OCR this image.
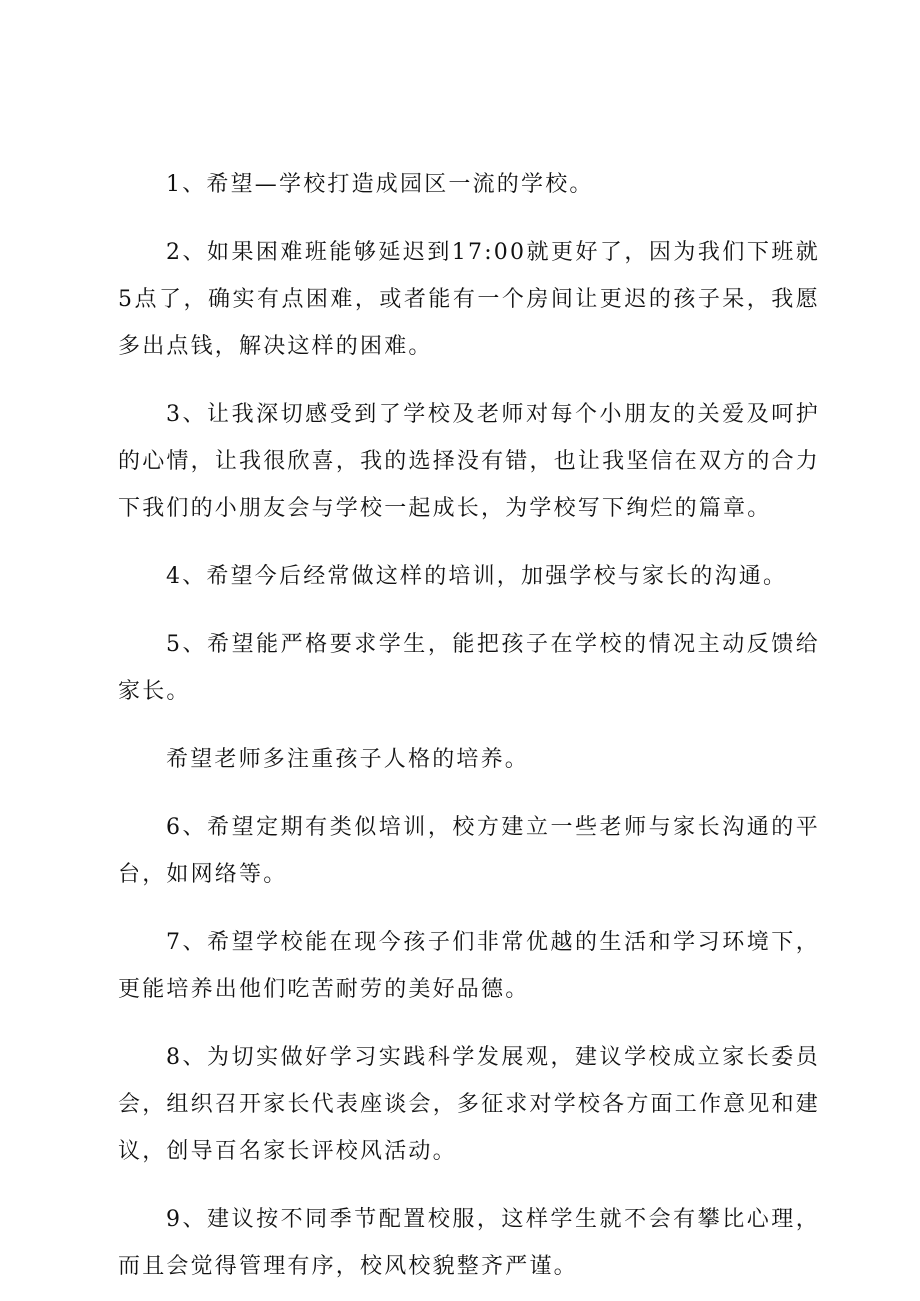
1、希望—学校打造成园区一流的学校。

2、如果困难班能够延迟到17:00就更好了，因为我们下班就5点了，确实有点困难，或者能有一个房间让更迟的孩子呆，我愿多出点钱，解决这样的困难。

3、让我深切感受到了学校及老师对每个小朋友的关爱及呵护的心情，让我很欣喜，我的选择没有错，也让我坚信在双方的合力下我们的小朋友会与学校一起成长，为学校写下绚烂的篇章。

4、希望今后经常做这样的培训，加强学校与家长的沟通。

5、希望能严格要求学生，能把孩子在学校的情况主动反馈给家长。

希望老师多注重孩子人格的培养。

6、希望定期有类似培训，校方建立一些老师与家长沟通的平台，如网络等。

7、希望学校能在现今孩子们非常优越的生活和学习环境下，更能培养出他们吃苦耐劳的美好品德。

8、为切实做好学习实践科学发展观，建议学校成立家长委员会，组织召开家长代表座谈会，多征求对学校各方面工作意见和建议，创导百名家长评校风活动。

9、建议按不同季节配置校服，这样学生就不会有攀比心理，而且会觉得管理有序，校风校貌整齐严谨。
